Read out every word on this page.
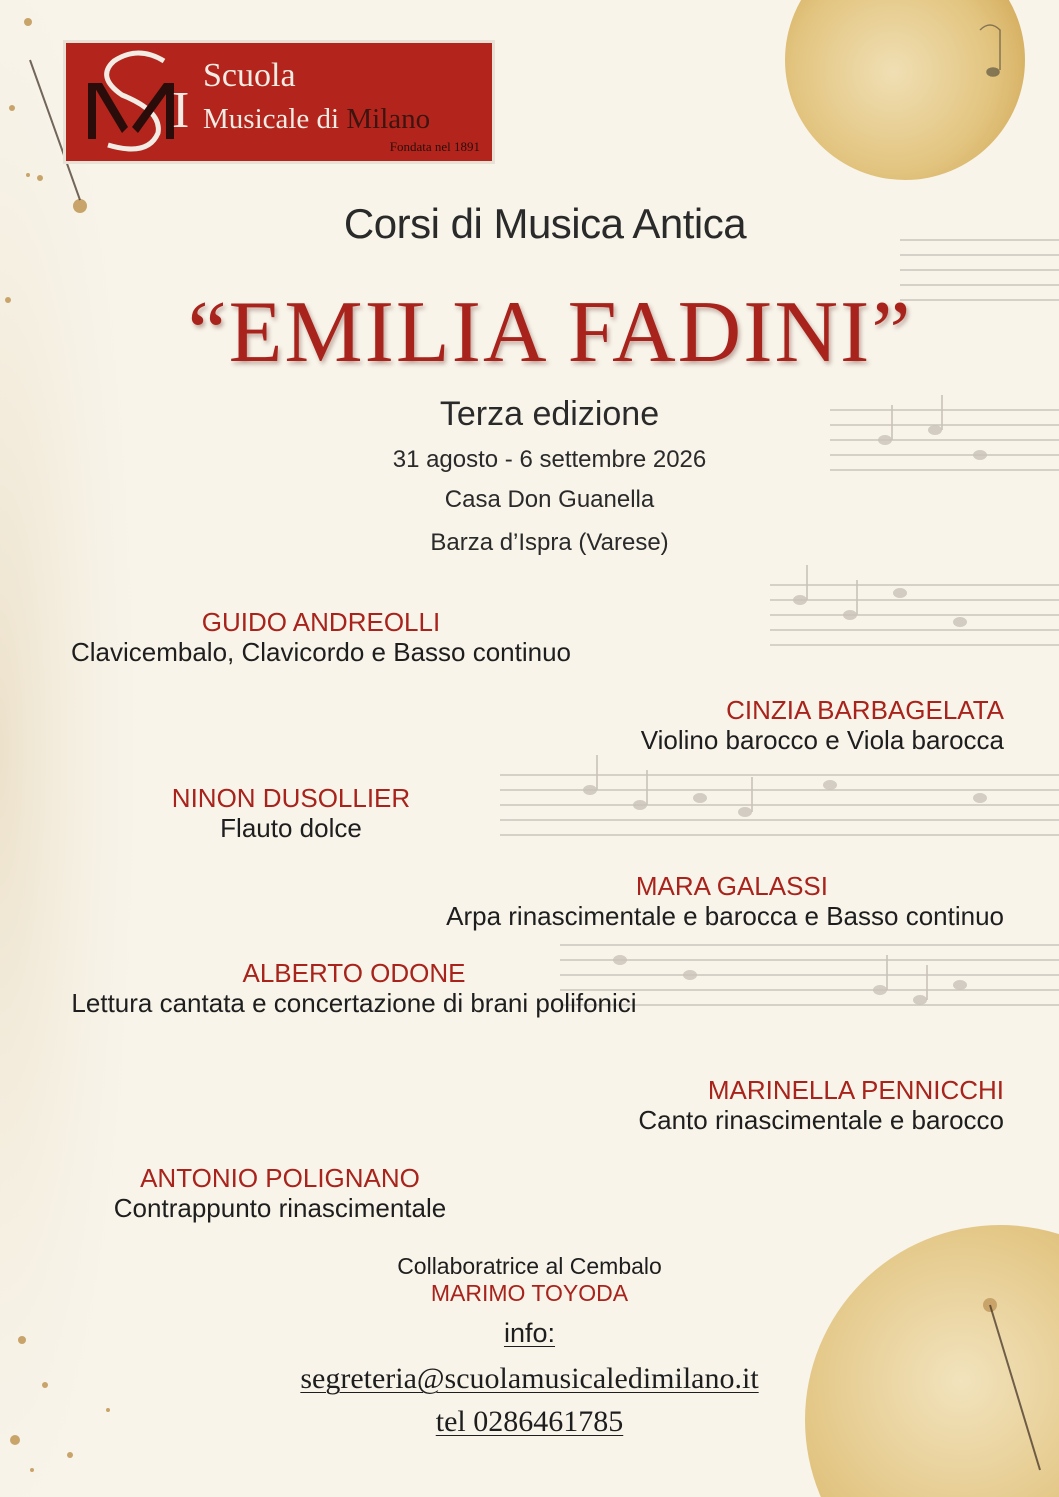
I
Scuola
Musicale di Milano
Fondata nel 1891
Corsi di Musica Antica
“EMILIA FADINI”
Terza edizione
31 agosto - 6 settembre 2026
Casa Don Guanella
Barza d’Ispra (Varese)
GUIDO ANDREOLLI
Clavicembalo, Clavicordo e Basso continuo
CINZIA BARBAGELATA
Violino barocco e Viola barocca
NINON DUSOLLIER
Flauto dolce
MARA GALASSI
Arpa rinascimentale e barocca e Basso continuo
ALBERTO ODONE
Lettura cantata e concertazione di brani polifonici
MARINELLA PENNICCHI
Canto rinascimentale e barocco
ANTONIO POLIGNANO
Contrappunto rinascimentale
Collaboratrice al Cembalo
MARIMO TOYODA
info:
segreteria@scuolamusicaledimilano.it
tel 0286461785
